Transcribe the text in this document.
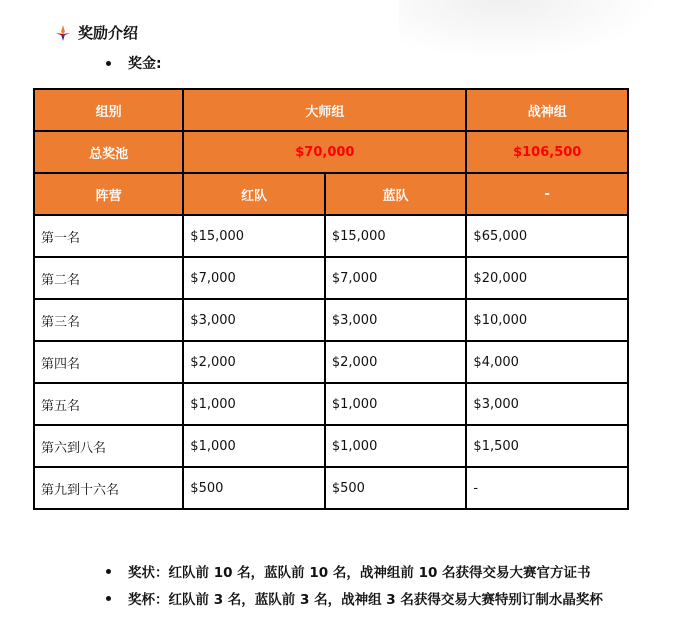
奖励介绍
奖金:
组别	大师组		战神组
总奖池	$70,000		$106,500
阵营	红队	蓝队	-
第一名	$15,000	$15,000	$65,000
第二名	$7,000	$7,000	$20,000
第三名	$3,000	$3,000	$10,000
第四名	$2,000	$2,000	$4,000
第五名	$1,000	$1,000	$3,000
第六到八名	$1,000	$1,000	$1,500
第九到十六名	$500	$500	-
奖状：红队前 10 名，蓝队前 10 名，战神组前 10 名获得交易大赛官方证书
奖杯：红队前 3 名，蓝队前 3 名，战神组 3 名获得交易大赛特别订制水晶奖杯
